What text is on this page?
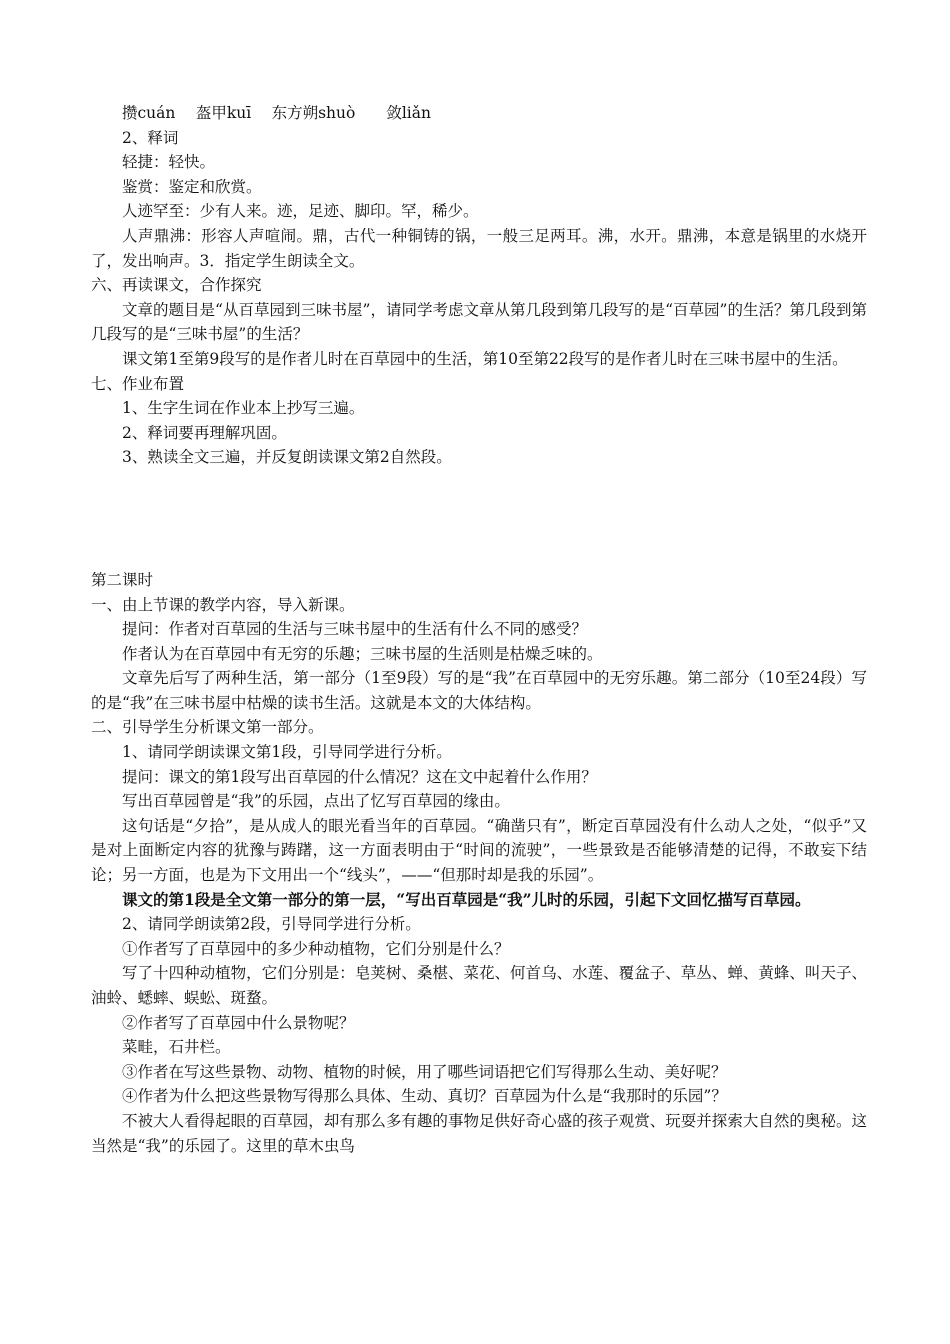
攒cuán　 盔甲kuī　 东方朔shuò　　敛liǎn

2、释词

轻捷：轻快。

鉴赏：鉴定和欣赏。

人迹罕至：少有人来。迹，足迹、脚印。罕，稀少。

人声鼎沸：形容人声喧闹。鼎，古代一种铜铸的锅，一般三足两耳。沸，水开。鼎沸，本意是锅里的水烧开了，发出响声。3．指定学生朗读全文。

六、再读课文，合作探究

文章的题目是“从百草园到三味书屋”，请同学考虑文章从第几段到第几段写的是“百草园”的生活？第几段到第几段写的是“三味书屋”的生活？

课文第1至第9段写的是作者儿时在百草园中的生活，第10至第22段写的是作者儿时在三味书屋中的生活。

七、作业布置

1、生字生词在作业本上抄写三遍。

2、释词要再理解巩固。

3、熟读全文三遍，并反复朗读课文第2自然段。

第二课时

一、由上节课的教学内容，导入新课。

提问：作者对百草园的生活与三味书屋中的生活有什么不同的感受？

作者认为在百草园中有无穷的乐趣；三味书屋的生活则是枯燥乏味的。

文章先后写了两种生活，第一部分（1至9段）写的是“我”在百草园中的无穷乐趣。第二部分（10至24段）写的是“我”在三味书屋中枯燥的读书生活。这就是本文的大体结构。

二、引导学生分析课文第一部分。

1、请同学朗读课文第1段，引导同学进行分析。

提问：课文的第1段写出百草园的什么情况？这在文中起着什么作用？

写出百草园曾是“我”的乐园，点出了忆写百草园的缘由。

这句话是“夕拾”，是从成人的眼光看当年的百草园。“确凿只有”，断定百草园没有什么动人之处，“似乎”又是对上面断定内容的犹豫与踌躇，这一方面表明由于“时间的流驶”，一些景致是否能够清楚的记得，不敢妄下结论；另一方面，也是为下文用出一个“线头”，——“但那时却是我的乐园”。

课文的第1段是全文第一部分的第一层，“写出百草园是“我”儿时的乐园，引起下文回忆描写百草园。

2、请同学朗读第2段，引导同学进行分析。

①作者写了百草园中的多少种动植物，它们分别是什么？

写了十四种动植物，它们分别是：皂荚树、桑椹、菜花、何首乌、水莲、覆盆子、草丛、蝉、黄蜂、叫天子、油蛉、蟋蟀、蜈蚣、斑蝥。

②作者写了百草园中什么景物呢？

菜畦，石井栏。

③作者在写这些景物、动物、植物的时候，用了哪些词语把它们写得那么生动、美好呢？

④作者为什么把这些景物写得那么具体、生动、真切？百草园为什么是“我那时的乐园”？

不被大人看得起眼的百草园，却有那么多有趣的事物足供好奇心盛的孩子观赏、玩耍并探索大自然的奥秘。这当然是“我”的乐园了。这里的草木虫鸟
